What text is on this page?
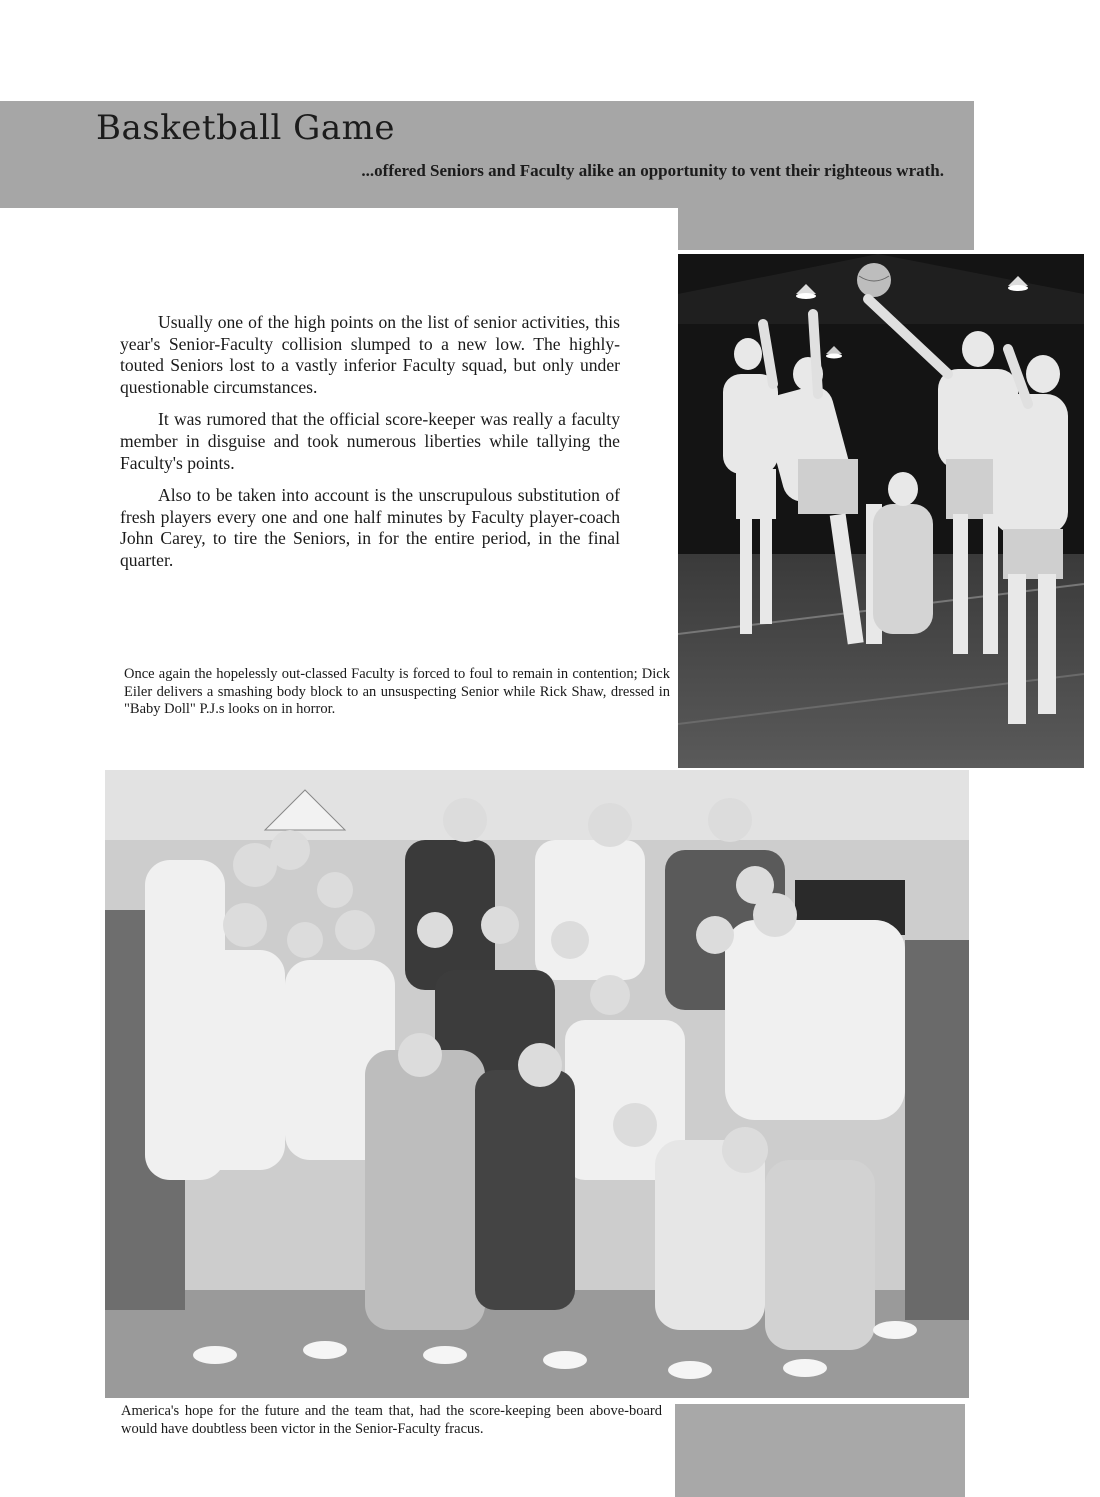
Basketball Game

...offered Seniors and Faculty alike an opportunity to vent their righteous wrath.

Usually one of the high points on the list of senior activities, this year's Senior-Faculty collision slumped to a new low. The highly-touted Seniors lost to a vastly inferior Faculty squad, but only under questionable circumstances.

It was rumored that the official score-keeper was really a faculty member in disguise and took numerous liberties while tallying the Faculty's points.

Also to be taken into account is the unscrupulous substitution of fresh players every one and one half minutes by Faculty player-coach John Carey, to tire the Seniors, in for the entire period, in the final quarter.

Once again the hopelessly out-classed Faculty is forced to foul to remain in contention; Dick Eiler delivers a smashing body block to an unsuspecting Senior while Rick Shaw, dressed in "Baby Doll" P.J.s looks on in horror.

America's hope for the future and the team that, had the score-keeping been above-board would have doubtless been victor in the Senior-Faculty fracus.
